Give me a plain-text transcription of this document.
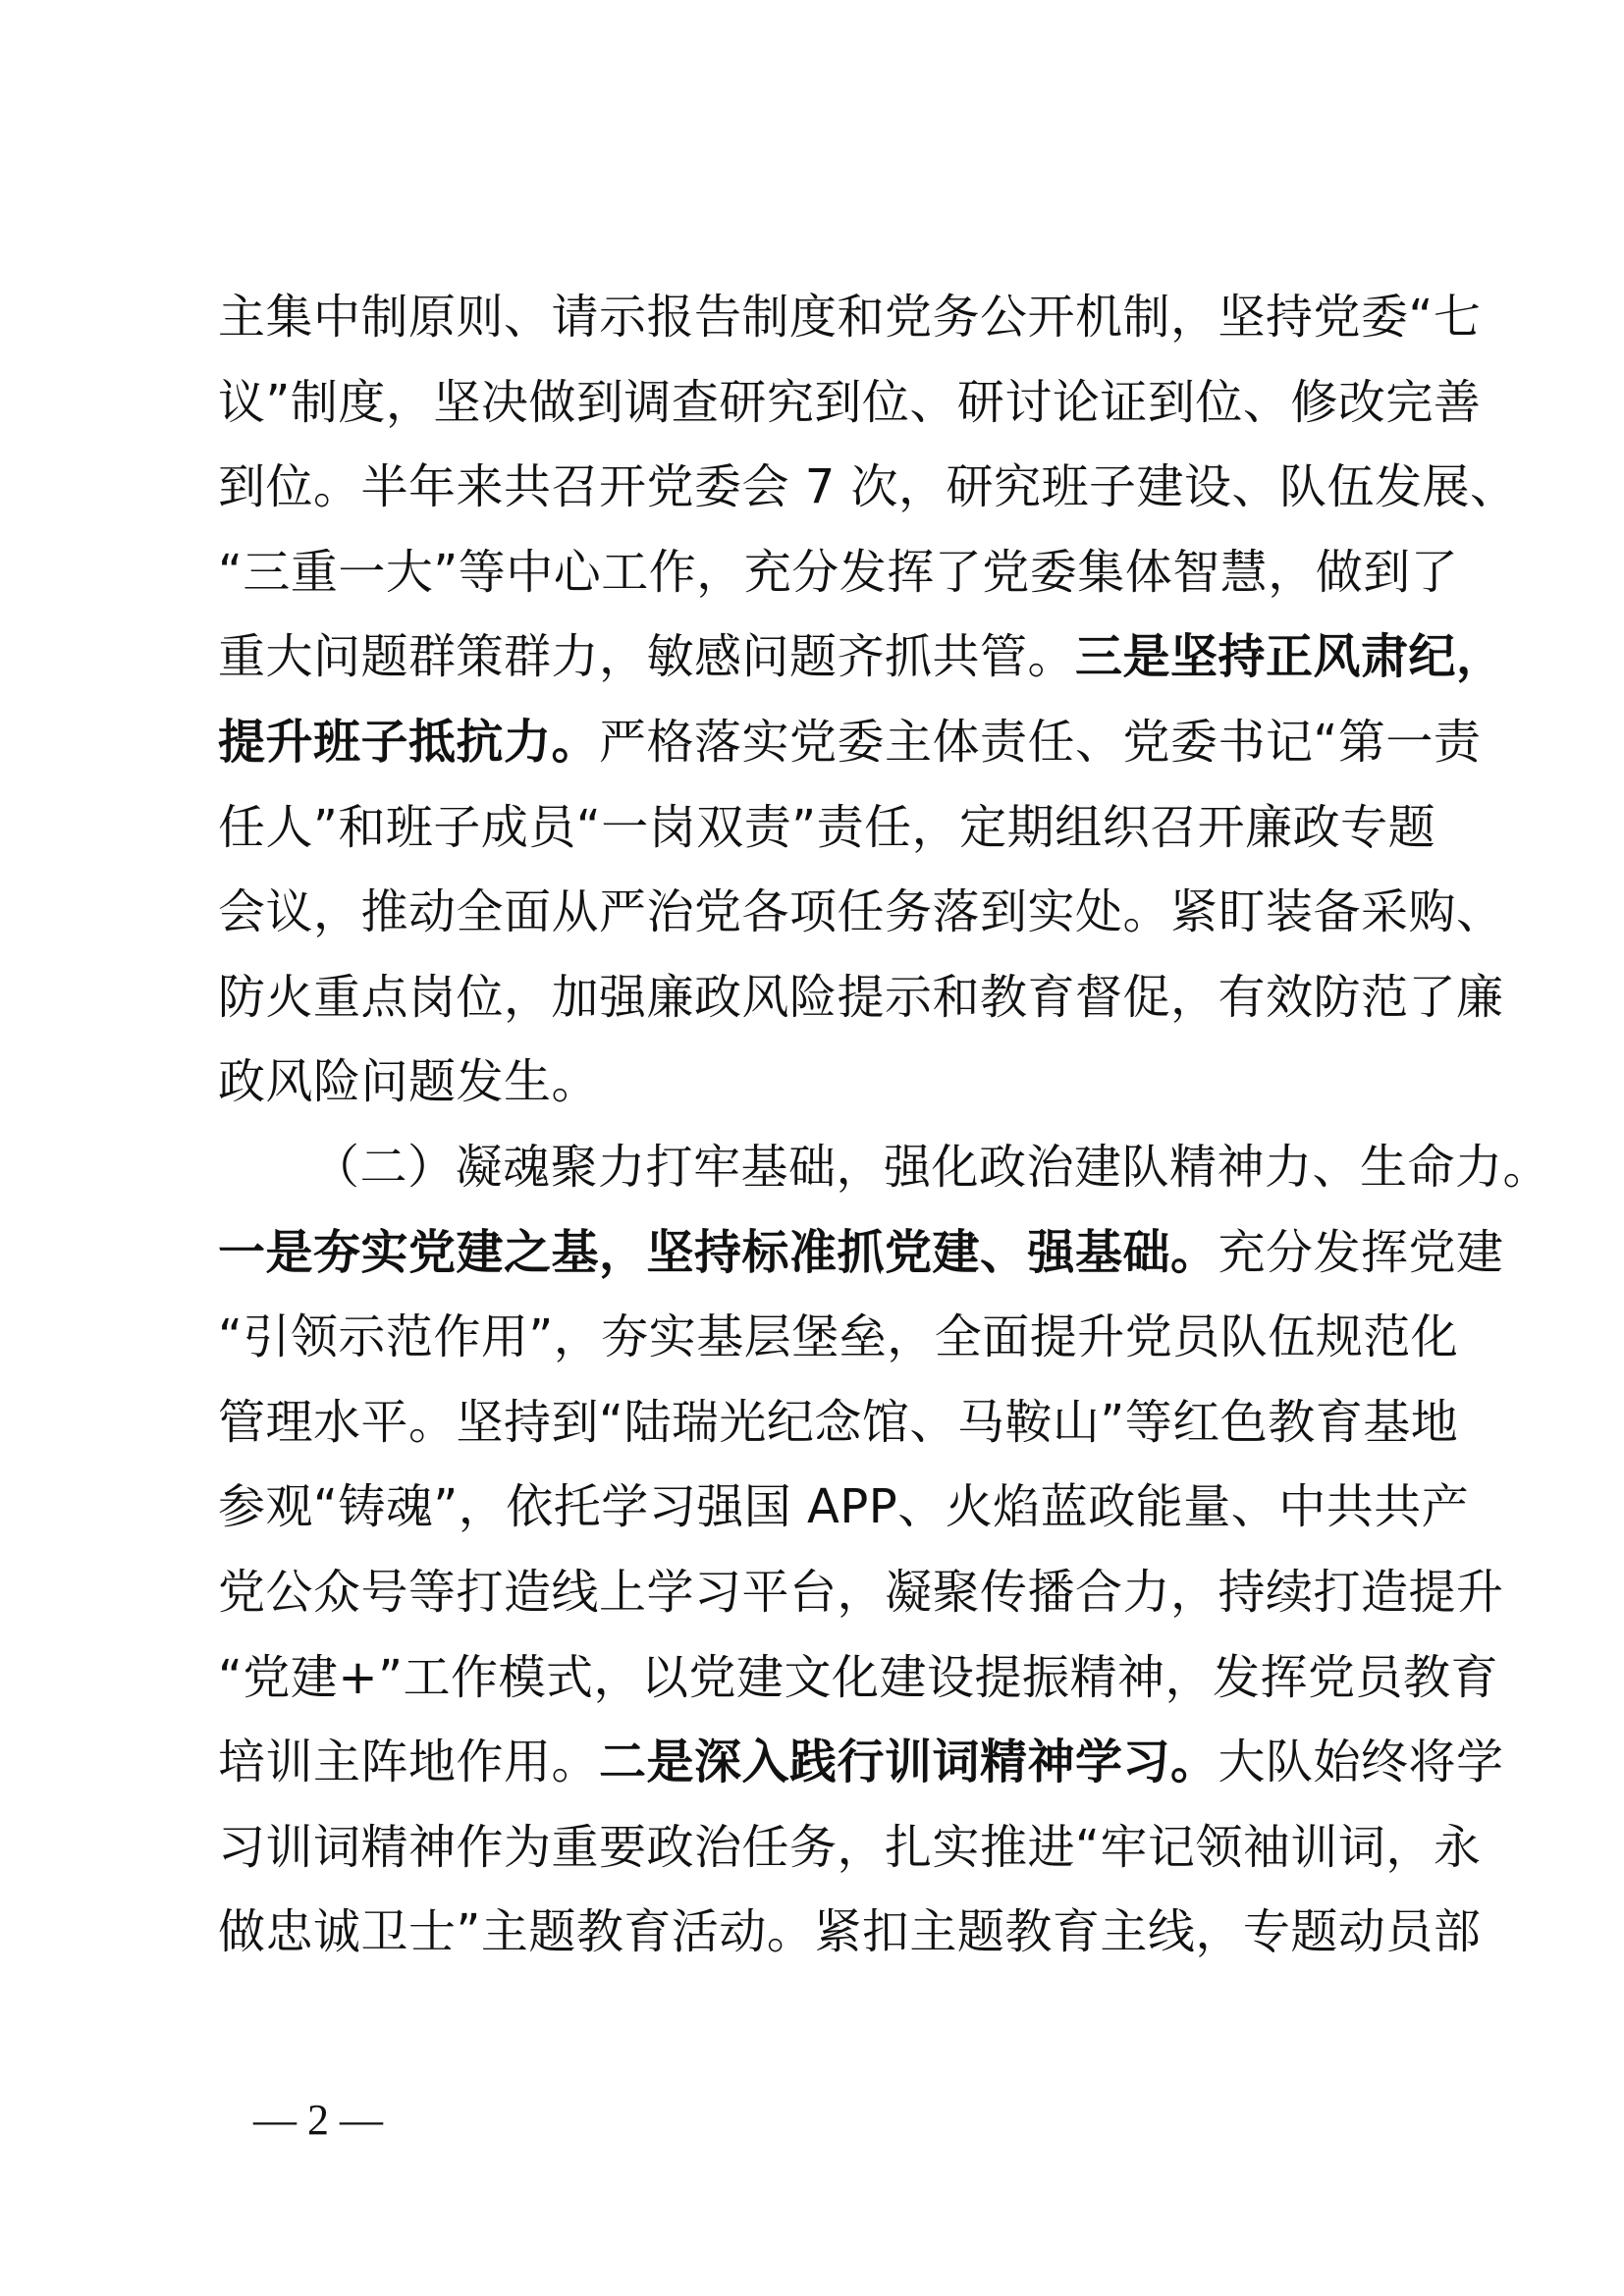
主集中制原则、请示报告制度和党务公开机制，坚持党委“七
议”制度，坚决做到调查研究到位、研讨论证到位、修改完善
到位。半年来共召开党委会 7 次，研究班子建设、队伍发展、
“三重一大”等中心工作，充分发挥了党委集体智慧，做到了
重大问题群策群力，敏感问题齐抓共管。三是坚持正风肃纪，
提升班子抵抗力。严格落实党委主体责任、党委书记“第一责
任人”和班子成员“一岗双责”责任，定期组织召开廉政专题
会议，推动全面从严治党各项任务落到实处。紧盯装备采购、
防火重点岗位，加强廉政风险提示和教育督促，有效防范了廉
政风险问题发生。
（二）凝魂聚力打牢基础，强化政治建队精神力、生命力。
一是夯实党建之基，坚持标准抓党建、强基础。充分发挥党建
“引领示范作用”，夯实基层堡垒，全面提升党员队伍规范化
管理水平。坚持到“陆瑞光纪念馆、马鞍山”等红色教育基地
参观“铸魂”，依托学习强国 APP、火焰蓝政能量、中共共产
党公众号等打造线上学习平台，凝聚传播合力，持续打造提升
“党建+”工作模式，以党建文化建设提振精神，发挥党员教育
培训主阵地作用。二是深入践行训词精神学习。大队始终将学
习训词精神作为重要政治任务，扎实推进“牢记领袖训词，永
做忠诚卫士”主题教育活动。紧扣主题教育主线，专题动员部
— 2 —
